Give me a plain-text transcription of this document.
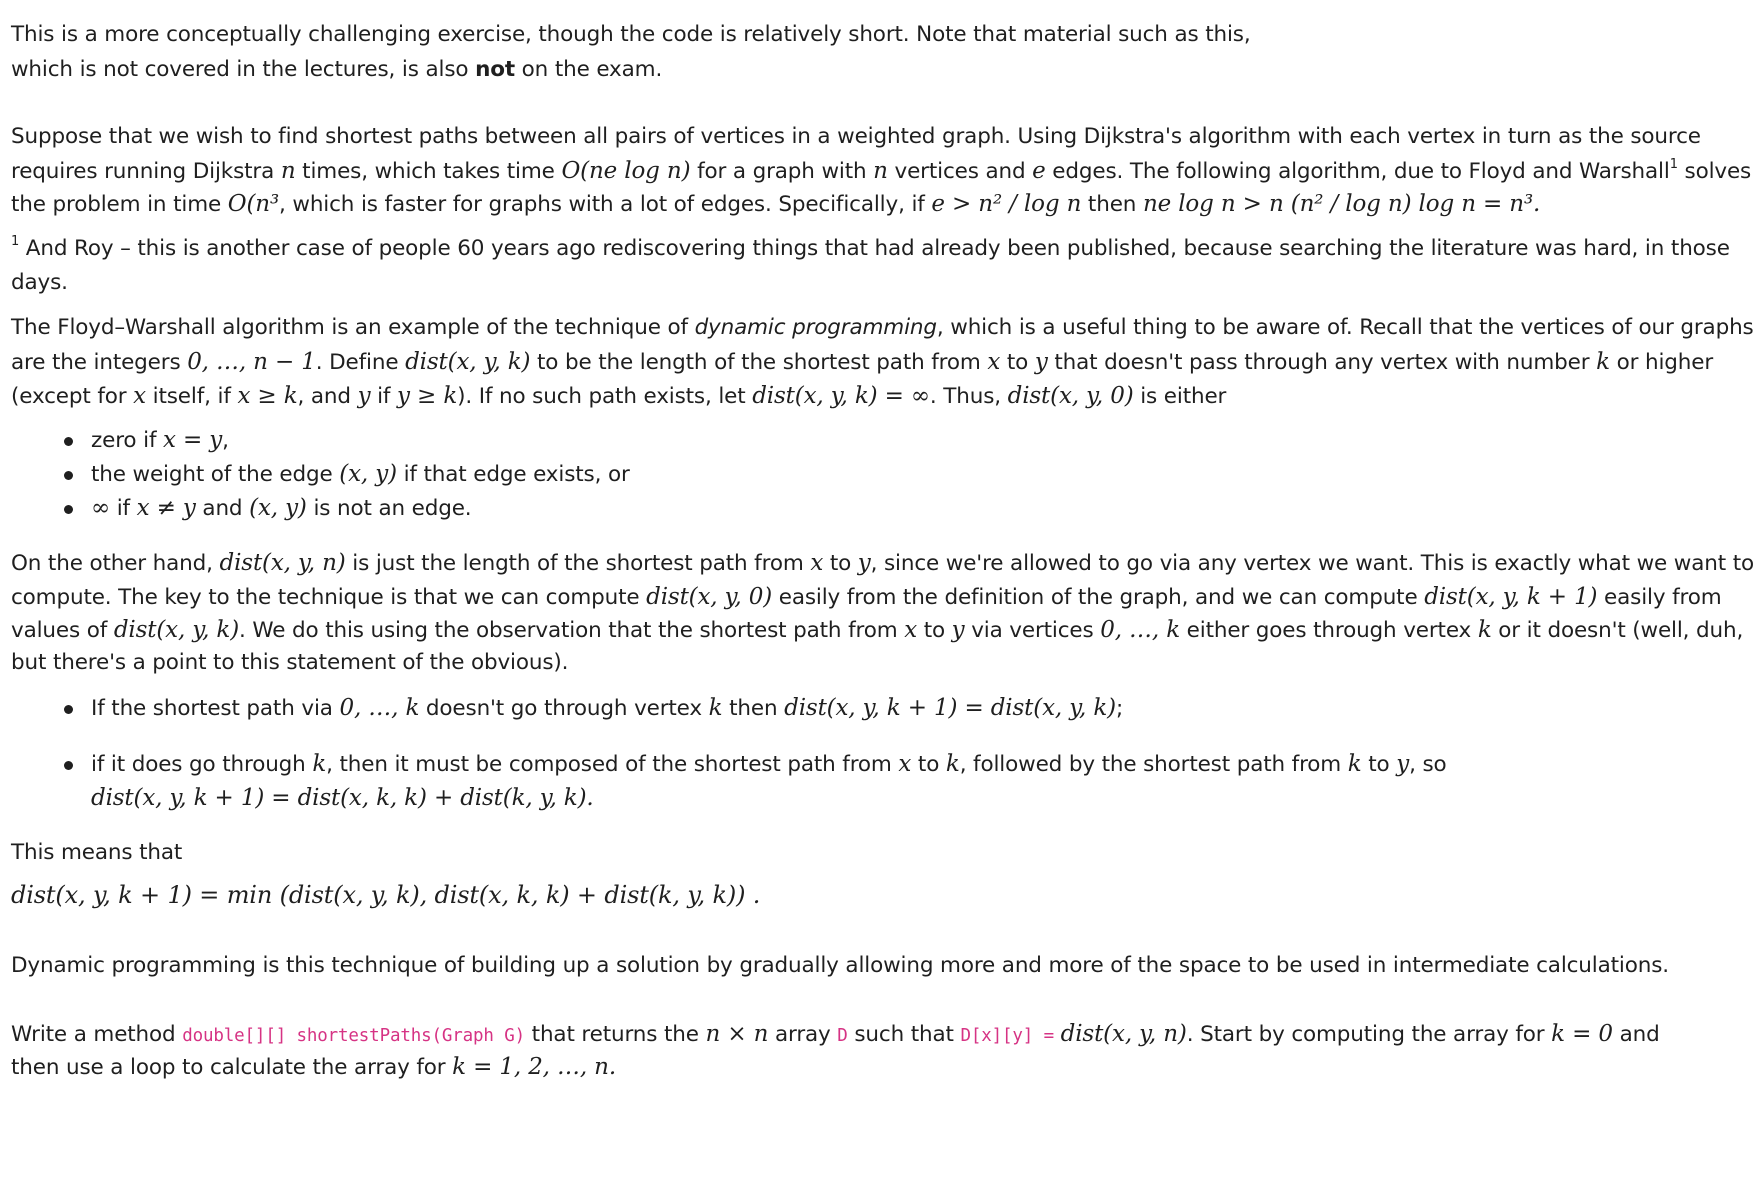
This is a more conceptually challenging exercise, though the code is relatively short. Note that material such as this,

which is not covered in the lectures, is also not on the exam.

Suppose that we wish to find shortest paths between all pairs of vertices in a weighted graph. Using Dijkstra's algorithm with each vertex in turn as the source

requires running Dijkstra n times, which takes time O(ne log n) for a graph with n vertices and e edges. The following algorithm, due to Floyd and Warshall$^1$ solves

the problem in time O(n³, which is faster for graphs with a lot of edges. Specifically, if e > n² / log n then ne log n > n (n² / log n) log n = n³.

$^1$ And Roy – this is another case of people 60 years ago rediscovering things that had already been published, because searching the literature was hard, in those

days.

The Floyd–Warshall algorithm is an example of the technique of dynamic programming, which is a useful thing to be aware of. Recall that the vertices of our graphs

are the integers 0, …, n − 1. Define dist(x, y, k) to be the length of the shortest path from x to y that doesn't pass through any vertex with number k or higher

(except for x itself, if x ≥ k, and y if y ≥ k). If no such path exists, let dist(x, y, k) = ∞. Thus, dist(x, y, 0) is either

zero if x = y,

the weight of the edge (x, y) if that edge exists, or

∞ if x ≠ y and (x, y) is not an edge.

On the other hand, dist(x, y, n) is just the length of the shortest path from x to y, since we're allowed to go via any vertex we want. This is exactly what we want to

compute. The key to the technique is that we can compute dist(x, y, 0) easily from the definition of the graph, and we can compute dist(x, y, k + 1) easily from

values of dist(x, y, k). We do this using the observation that the shortest path from x to y via vertices 0, …, k either goes through vertex k or it doesn't (well, duh,

but there's a point to this statement of the obvious).

If the shortest path via 0, …, k doesn't go through vertex k then dist(x, y, k + 1) = dist(x, y, k);

if it does go through k, then it must be composed of the shortest path from x to k, followed by the shortest path from k to y, so

dist(x, y, k + 1) = dist(x, k, k) + dist(k, y, k).

This means that

dist(x, y, k + 1) = min (dist(x, y, k), dist(x, k, k) + dist(k, y, k)) .

Dynamic programming is this technique of building up a solution by gradually allowing more and more of the space to be used in intermediate calculations.

Write a method double[][] shortestPaths(Graph G) that returns the n × n array D such that D[x][y] = dist(x, y, n). Start by computing the array for k = 0 and

then use a loop to calculate the array for k = 1, 2, …, n.
